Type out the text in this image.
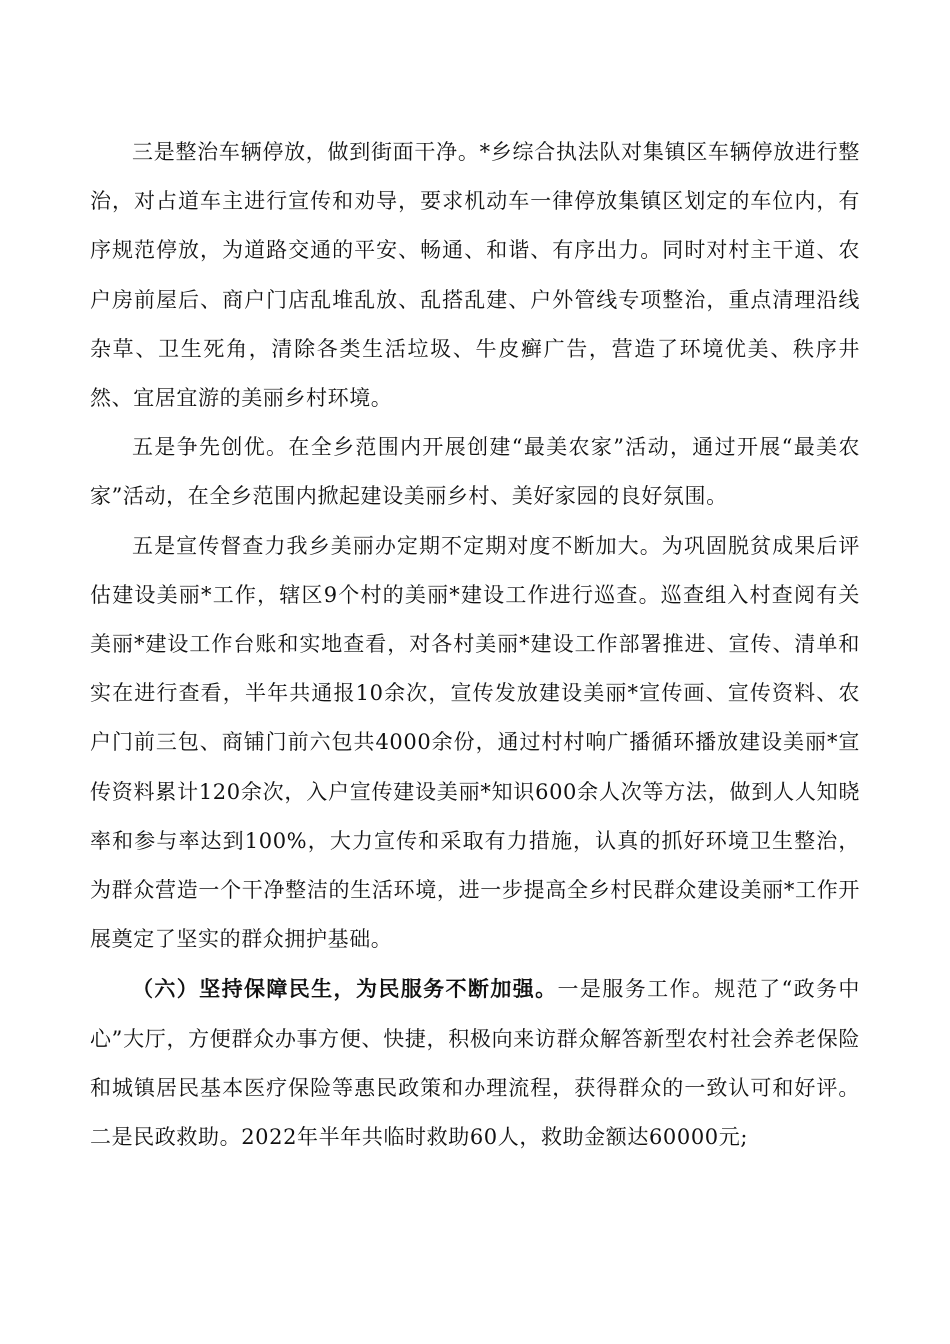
三是整治车辆停放，做到街面干净。*乡综合执法队对集镇区车辆停放进行整治，对占道车主进行宣传和劝导，要求机动车一律停放集镇区划定的车位内，有序规范停放，为道路交通的平安、畅通、和谐、有序出力。同时对村主干道、农户房前屋后、商户门店乱堆乱放、乱搭乱建、户外管线专项整治，重点清理沿线杂草、卫生死角，清除各类生活垃圾、牛皮癣广告，营造了环境优美、秩序井然、宜居宜游的美丽乡村环境。

五是争先创优。在全乡范围内开展创建“最美农家”活动，通过开展“最美农家”活动，在全乡范围内掀起建设美丽乡村、美好家园的良好氛围。

五是宣传督查力我乡美丽办定期不定期对度不断加大。为巩固脱贫成果后评估建设美丽*工作，辖区9个村的美丽*建设工作进行巡查。巡查组入村查阅有关美丽*建设工作台账和实地查看，对各村美丽*建设工作部署推进、宣传、清单和实在进行查看，半年共通报10余次，宣传发放建设美丽*宣传画、宣传资料、农户门前三包、商铺门前六包共4000余份，通过村村响广播循环播放建设美丽*宣传资料累计120余次，入户宣传建设美丽*知识600余人次等方法，做到人人知晓率和参与率达到100%，大力宣传和采取有力措施，认真的抓好环境卫生整治，为群众营造一个干净整洁的生活环境，进一步提高全乡村民群众建设美丽*工作开展奠定了坚实的群众拥护基础。

（六）坚持保障民生，为民服务不断加强。一是服务工作。规范了“政务中心”大厅，方便群众办事方便、快捷，积极向来访群众解答新型农村社会养老保险和城镇居民基本医疗保险等惠民政策和办理流程，获得群众的一致认可和好评。二是民政救助。2022年半年共临时救助60人，救助金额达60000元;
